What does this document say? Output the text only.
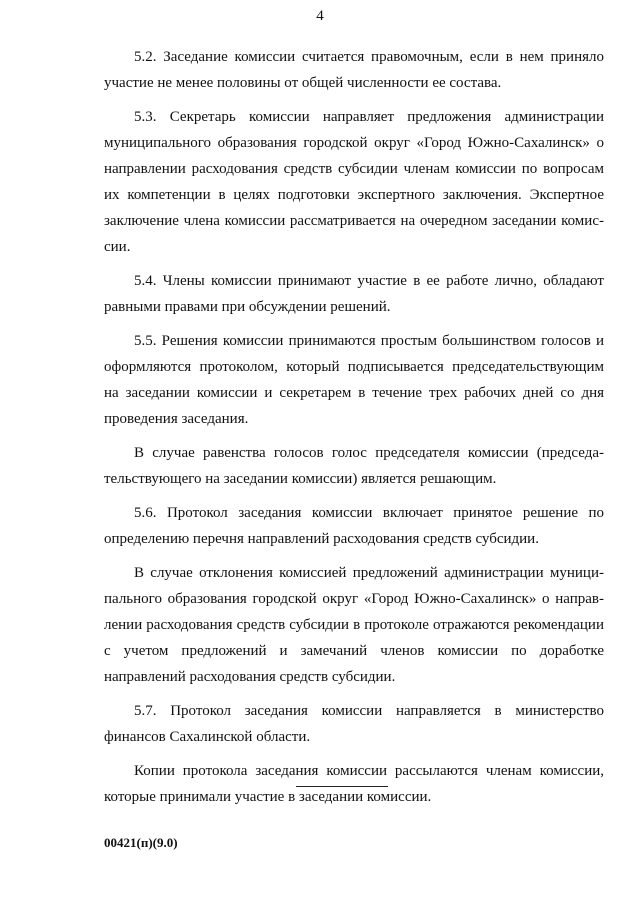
4

5.2. Заседание комиссии считается правомочным, если в нем приняло участие не менее половины от общей численности ее состава.

5.3. Секретарь комиссии направляет предложения администрации муниципального образования городской округ «Город Южно-Сахалинск» о направлении расходования средств субсидии членам комиссии по вопросам их компетенции в целях подготовки экспертного заключения. Экспертное заключение члена комиссии рассматривается на очередном заседании комиссии.

5.4. Члены комиссии принимают участие в ее работе лично, обладают равными правами при обсуждении решений.

5.5. Решения комиссии принимаются простым большинством голосов и оформляются протоколом, который подписывается председательствующим на заседании комиссии и секретарем в течение трех рабочих дней со дня проведения заседания.

В случае равенства голосов голос председателя комиссии (председательствующего на заседании комиссии) является решающим.

5.6. Протокол заседания комиссии включает принятое решение по определению перечня направлений расходования средств субсидии.

В случае отклонения комиссией предложений администрации муниципального образования городской округ «Город Южно-Сахалинск» о направлении расходования средств субсидии в протоколе отражаются рекомендации с учетом предложений и замечаний членов комиссии по доработке направлений расходования средств субсидии.

5.7. Протокол заседания комиссии направляется в министерство финансов Сахалинской области.

Копии протокола заседания комиссии рассылаются членам комиссии, которые принимали участие в заседании комиссии.

00421(п)(9.0)
